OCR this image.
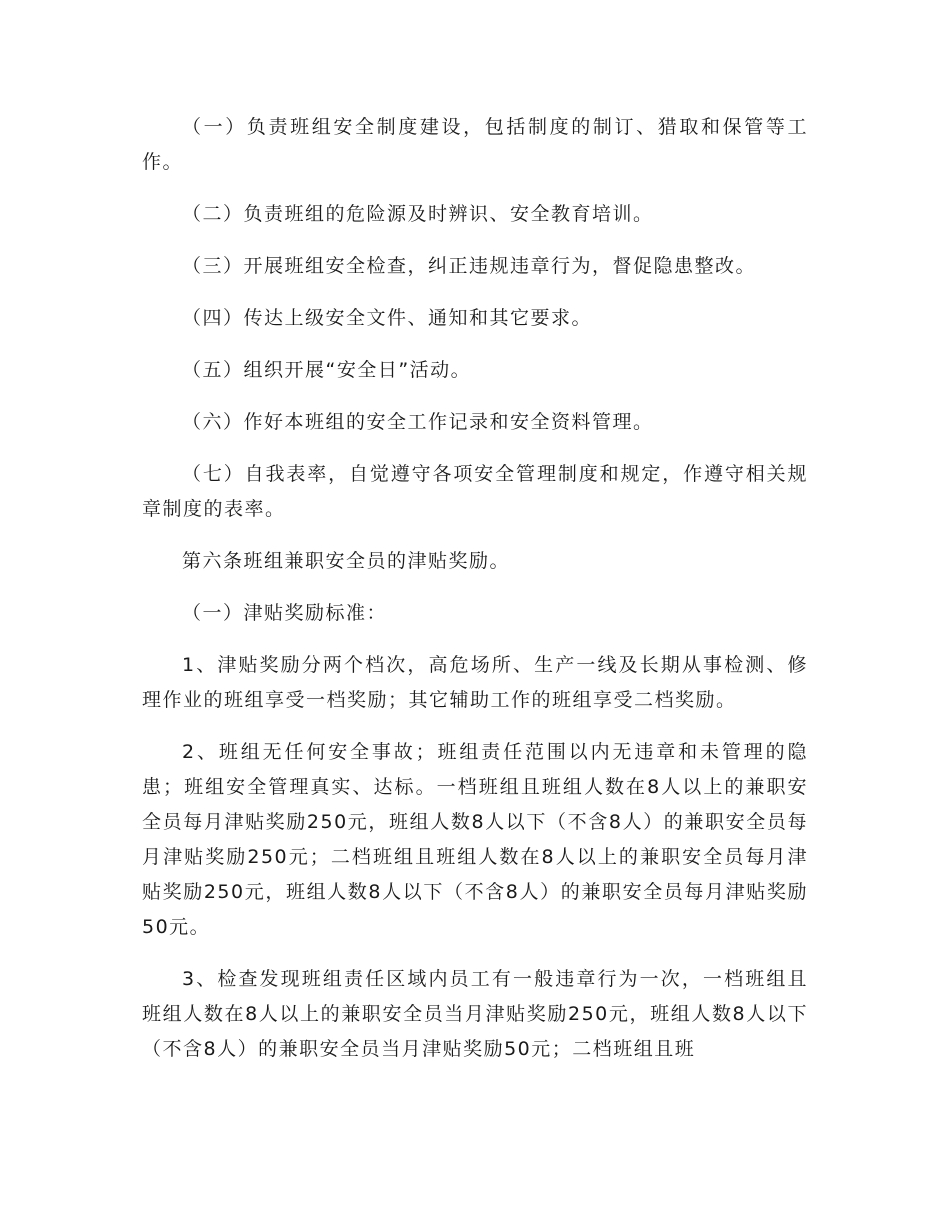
（一）负责班组安全制度建设，包括制度的制订、猎取和保管等工作。

（二）负责班组的危险源及时辨识、安全教育培训。

（三）开展班组安全检查，纠正违规违章行为，督促隐患整改。

（四）传达上级安全文件、通知和其它要求。

（五）组织开展“安全日”活动。

（六）作好本班组的安全工作记录和安全资料管理。

（七）自我表率，自觉遵守各项安全管理制度和规定，作遵守相关规章制度的表率。

第六条班组兼职安全员的津贴奖励。

（一）津贴奖励标准：

1、津贴奖励分两个档次，高危场所、生产一线及长期从事检测、修理作业的班组享受一档奖励；其它辅助工作的班组享受二档奖励。

2、班组无任何安全事故；班组责任范围以内无违章和未管理的隐患；班组安全管理真实、达标。一档班组且班组人数在8人以上的兼职安全员每月津贴奖励250元，班组人数8人以下（不含8人）的兼职安全员每月津贴奖励250元；二档班组且班组人数在8人以上的兼职安全员每月津贴奖励250元，班组人数8人以下（不含8人）的兼职安全员每月津贴奖励50元。

3、检查发现班组责任区域内员工有一般违章行为一次，一档班组且班组人数在8人以上的兼职安全员当月津贴奖励250元，班组人数8人以下（不含8人）的兼职安全员当月津贴奖励50元；二档班组且班
